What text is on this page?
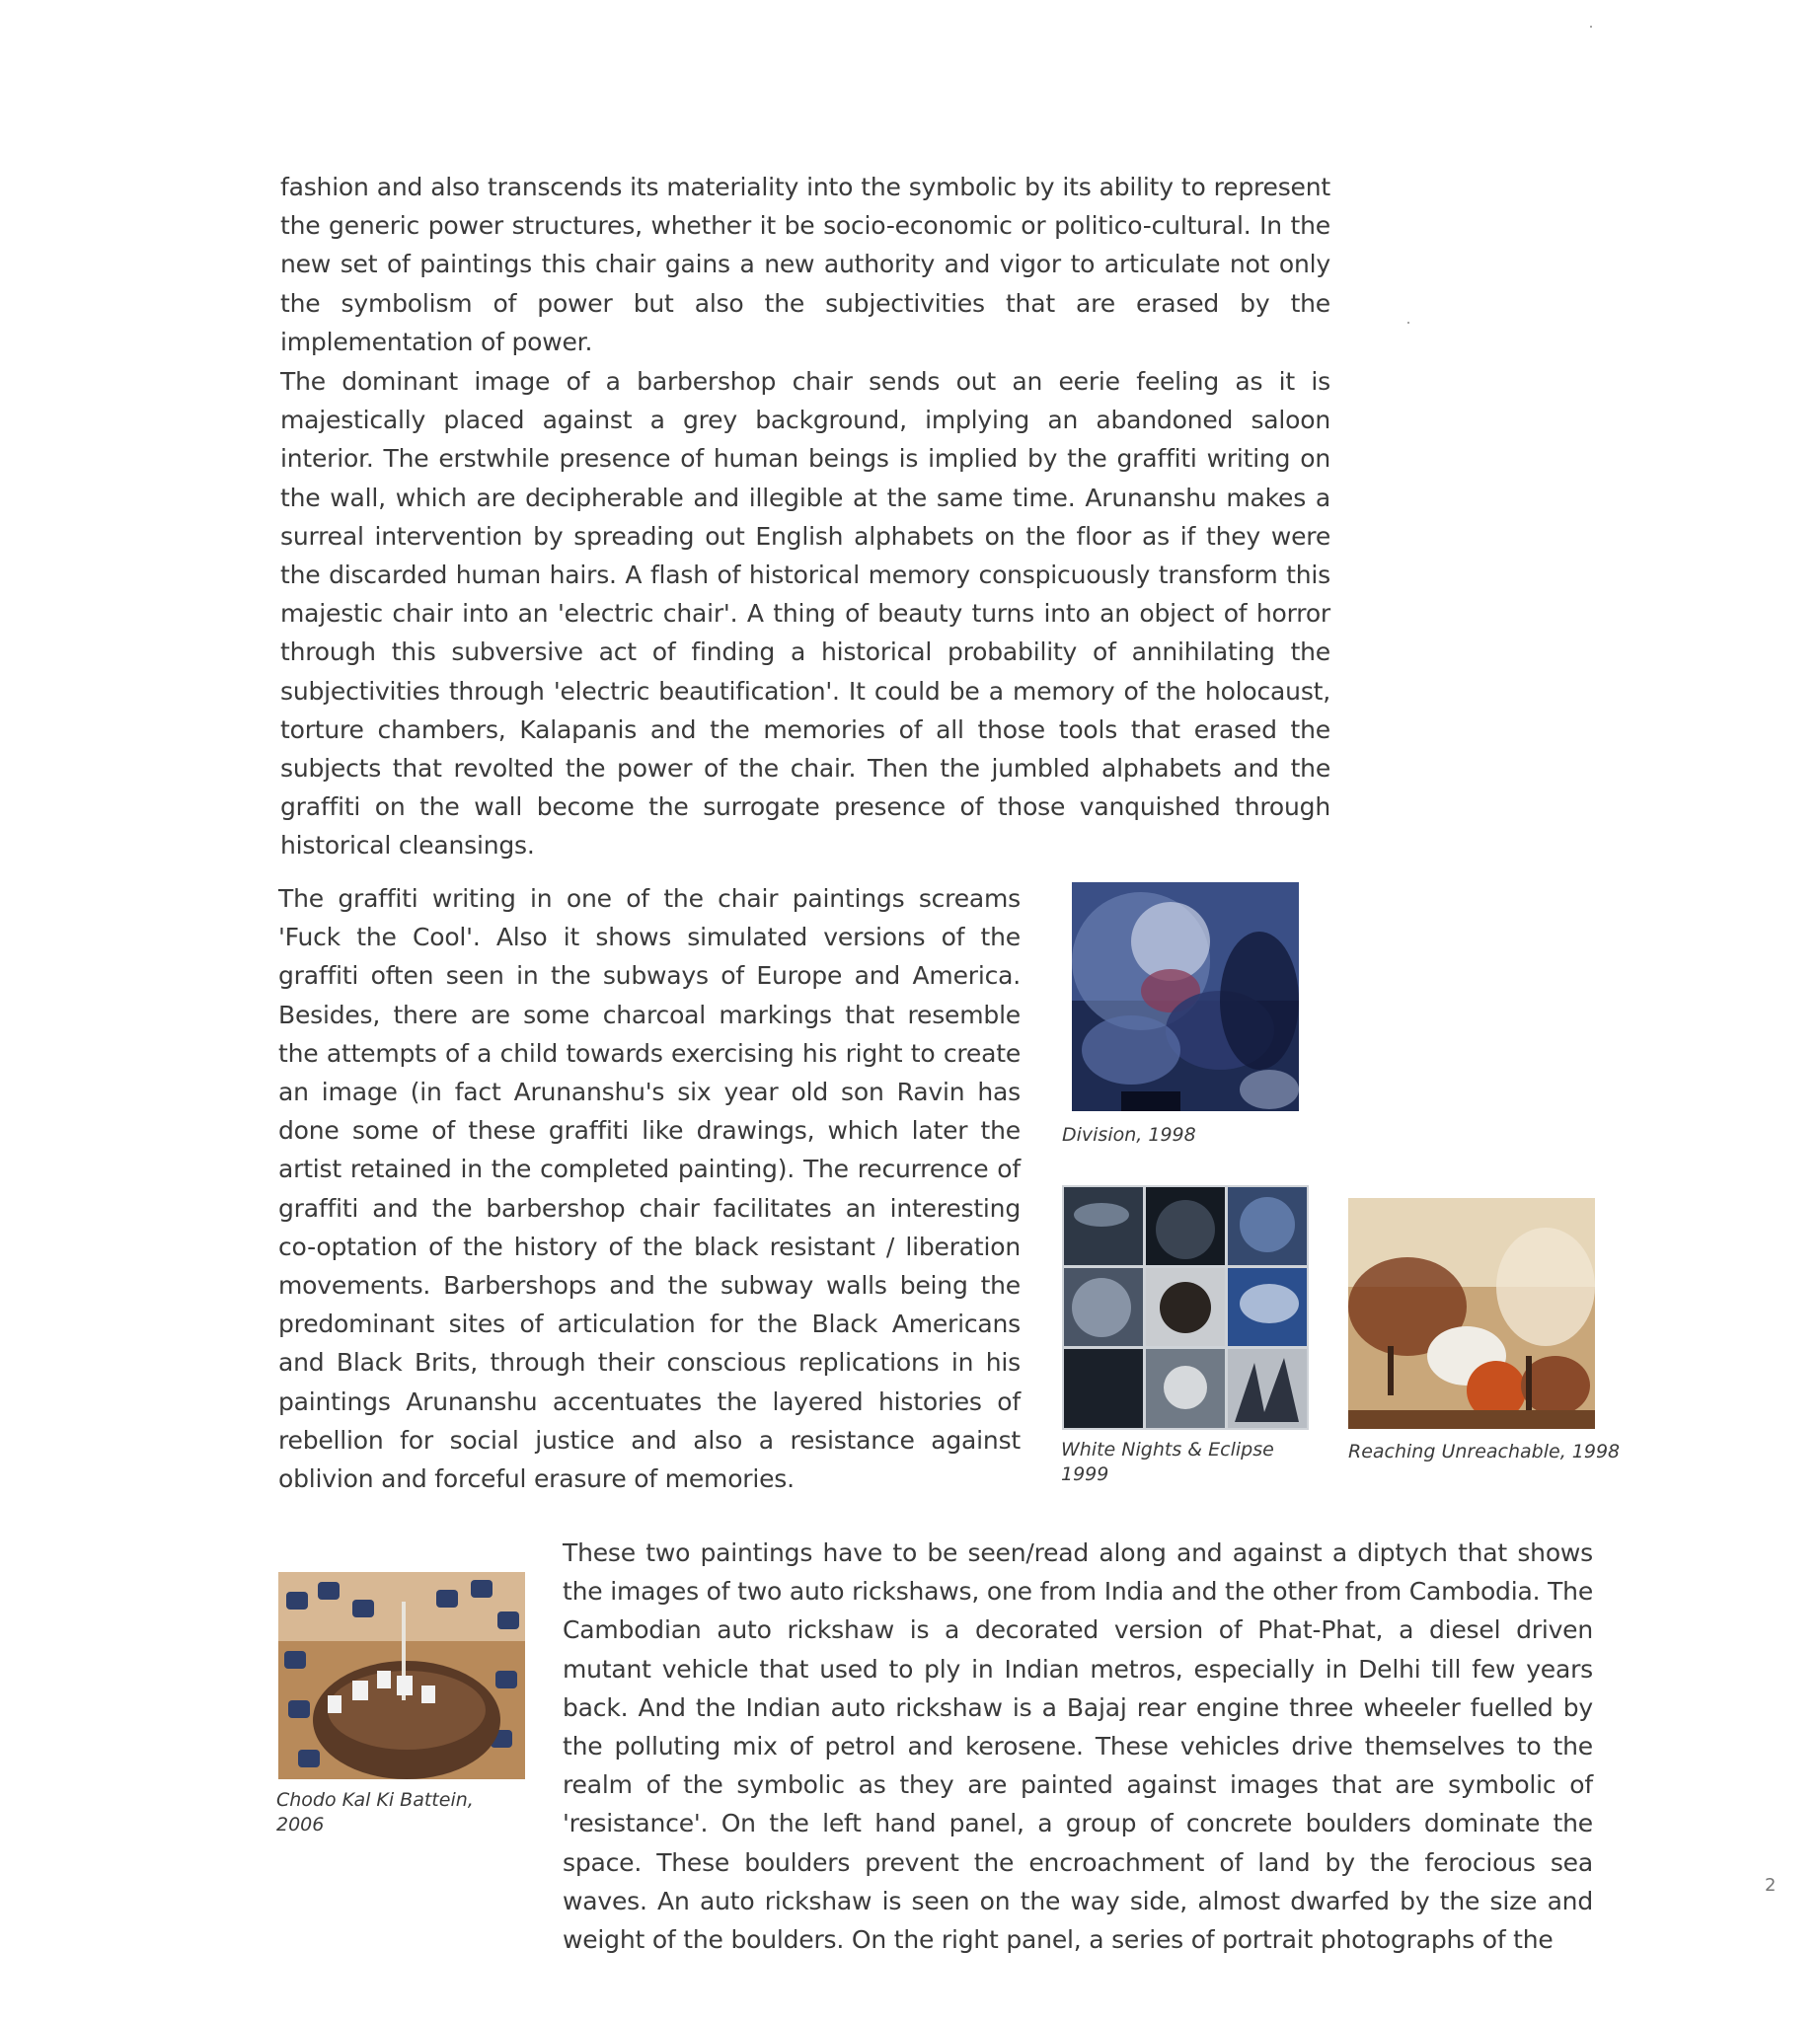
fashion and also transcends its materiality into the symbolic by its ability to represent the generic power structures, whether it be socio-economic or politico-cultural. In the new set of paintings this chair gains a new authority and vigor to articulate not only the symbolism of power but also the subjectivities that are erased by the implementation of power.

The dominant image of a barbershop chair sends out an eerie feeling as it is majestically placed against a grey background, implying an abandoned saloon interior. The erstwhile presence of human beings is implied by the graffiti writing on the wall, which are decipherable and illegible at the same time. Arunanshu makes a surreal intervention by spreading out English alphabets on the floor as if they were the discarded human hairs. A flash of historical memory conspicuously transform this majestic chair into an 'electric chair'. A thing of beauty turns into an object of horror through this subversive act of finding a historical probability of annihilating the subjectivities through 'electric beautification'. It could be a memory of the holocaust, torture chambers, Kalapanis and the memories of all those tools that erased the subjects that revolted the power of the chair. Then the jumbled alphabets and the graffiti on the wall become the surrogate presence of those vanquished through historical cleansings.

The graffiti writing in one of the chair paintings screams 'Fuck the Cool'. Also it shows simulated versions of the graffiti often seen in the subways of Europe and America. Besides, there are some charcoal markings that resemble the attempts of a child towards exercising his right to create an image (in fact Arunanshu's six year old son Ravin has done some of these graffiti like drawings, which later the artist retained in the completed painting). The recurrence of graffiti and the barbershop chair facilitates an interesting co-optation of the history of the black resistant / liberation movements. Barbershops and the subway walls being the predominant sites of articulation for the Black Americans and Black Brits, through their conscious replications in his paintings Arunanshu accentuates the layered histories of rebellion for social justice and also a resistance against oblivion and forceful erasure of memories.

These two paintings have to be seen/read along and against a diptych that shows the images of two auto rickshaws, one from India and the other from Cambodia. The Cambodian auto rickshaw is a decorated version of Phat-Phat, a diesel driven mutant vehicle that used to ply in Indian metros, especially in Delhi till few years back. And the Indian auto rickshaw is a Bajaj rear engine three wheeler fuelled by the polluting mix of petrol and kerosene. These vehicles drive themselves to the realm of the symbolic as they are painted against images that are symbolic of 'resistance'. On the left hand panel, a group of concrete boulders dominate the space. These boulders prevent the encroachment of land by the ferocious sea waves. An auto rickshaw is seen on the way side, almost dwarfed by the size and weight of the boulders. On the right panel, a series of portrait photographs of the

Division, 1998

White Nights & Eclipse

1999

Reaching Unreachable, 1998

Chodo Kal Ki Battein,

2006

2
